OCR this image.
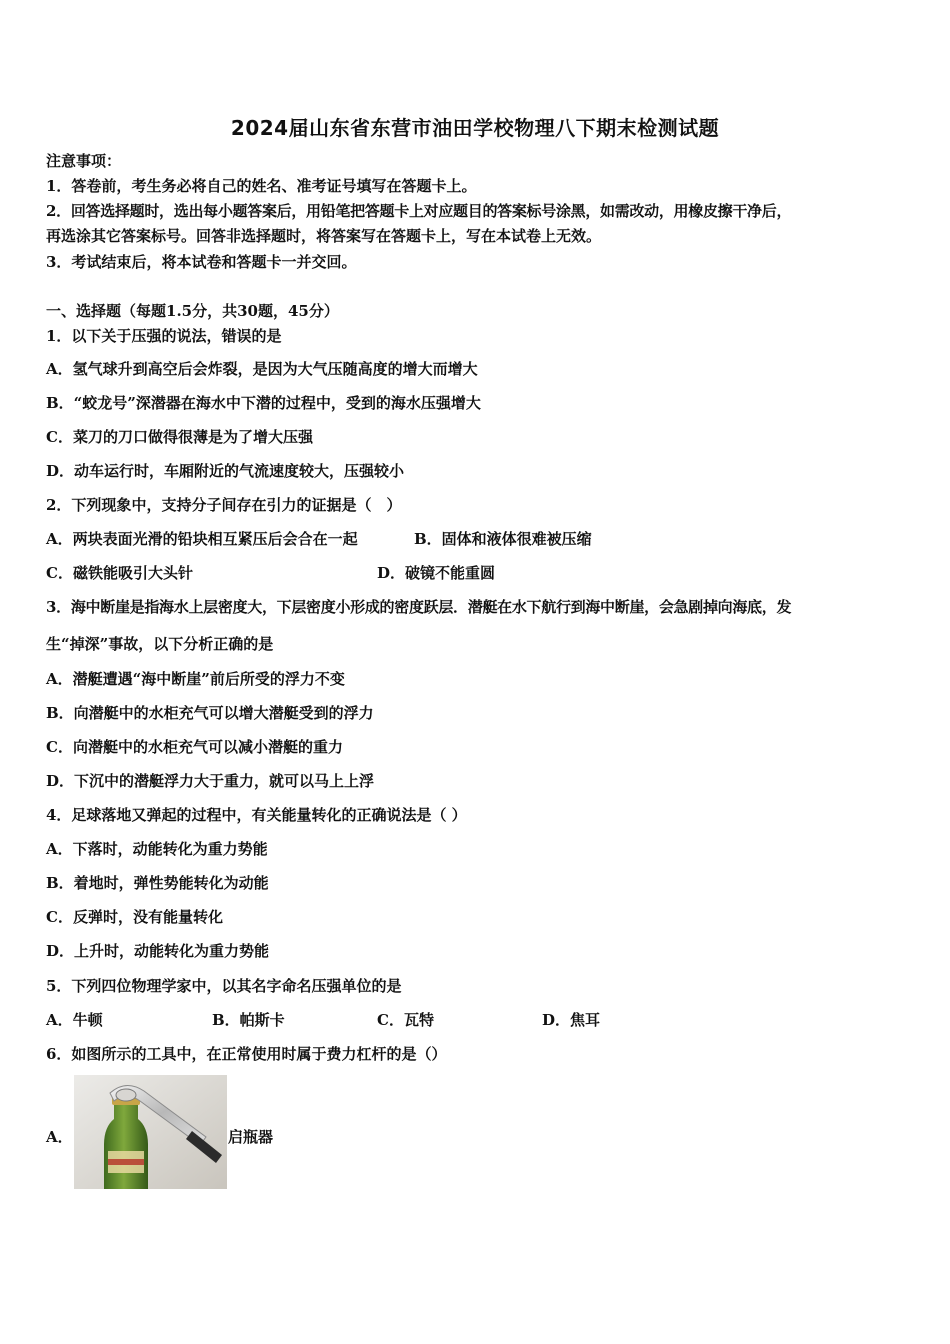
2024届山东省东营市油田学校物理八下期末检测试题
注意事项：
1．答卷前，考生务必将自己的姓名、准考证号填写在答题卡上。
2．回答选择题时，选出每小题答案后，用铅笔把答题卡上对应题目的答案标号涂黑，如需改动，用橡皮擦干净后，
再选涂其它答案标号。回答非选择题时，将答案写在答题卡上，写在本试卷上无效。
3．考试结束后，将本试卷和答题卡一并交回。
一、选择题（每题1.5分，共30题，45分）
1．以下关于压强的说法，错误的是
A．氢气球升到高空后会炸裂，是因为大气压随高度的增大而增大
B．“蛟龙号”深潜器在海水中下潜的过程中，受到的海水压强增大
C．菜刀的刀口做得很薄是为了增大压强
D．动车运行时，车厢附近的气流速度较大，压强较小
2．下列现象中，支持分子间存在引力的证据是（　）
A．两块表面光滑的铅块相互紧压后会合在一起	B．固体和液体很难被压缩
C．磁铁能吸引大头针	D．破镜不能重圆
3．海中断崖是指海水上层密度大，下层密度小形成的密度跃层．潜艇在水下航行到海中断崖，会急剧掉向海底，发
生“掉深”事故，以下分析正确的是
A．潜艇遭遇“海中断崖”前后所受的浮力不变
B．向潜艇中的水柜充气可以增大潜艇受到的浮力
C．向潜艇中的水柜充气可以减小潜艇的重力
D．下沉中的潜艇浮力大于重力，就可以马上上浮
4．足球落地又弹起的过程中，有关能量转化的正确说法是（ ）
A．下落时，动能转化为重力势能
B．着地时，弹性势能转化为动能
C．反弹时，没有能量转化
D．上升时，动能转化为重力势能
5．下列四位物理学家中，以其名字命名压强单位的是
A．牛顿	B．帕斯卡	C．瓦特	D．焦耳
6．如图所示的工具中，在正常使用时属于费力杠杆的是（）
A．	启瓶器
